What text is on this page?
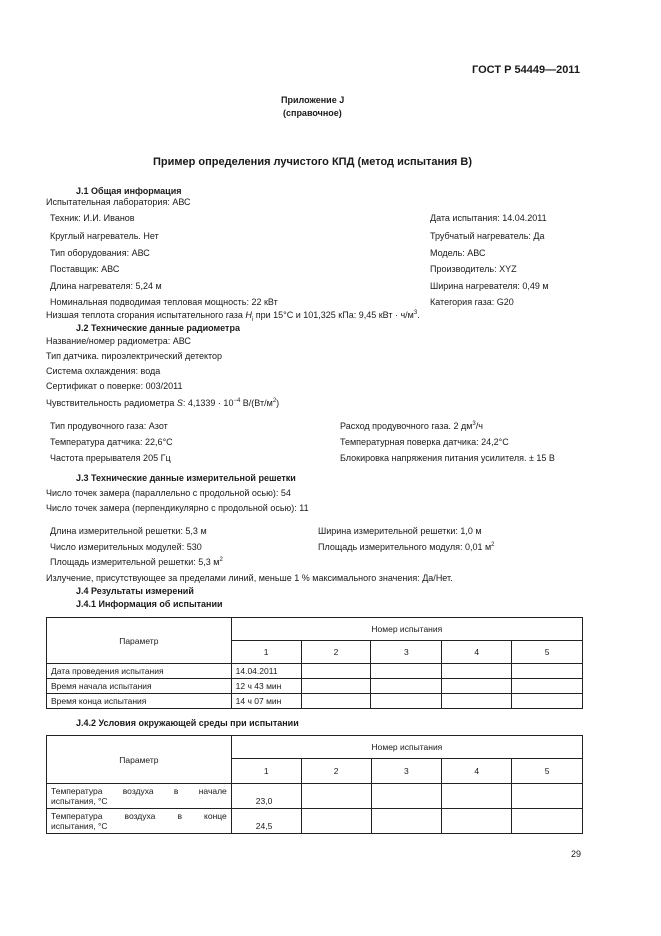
ГОСТ Р 54449—2011
Приложение J
(справочное)
Пример определения лучистого КПД (метод испытания В)
J.1 Общая информация
Испытательная лаборатория: АВС
Техник: И.И. Иванов	Дата испытания: 14.04.2011
Круглый нагреватель. Нет	Трубчатый нагреватель: Да
Тип оборудования: АВС	Модель: АВС
Поставщик: АВС	Производитель: XYZ
Длина нагревателя: 5,24 м	Ширина нагревателя: 0,49 м
Номинальная подводимая тепловая мощность: 22 кВт	Категория газа: G20
Низшая теплота сгорания испытательного газа $H_i$ при 15°С и 101,325 кПа: 9,45 кВт · $ч/м^3$.
J.2 Технические данные радиометра
Название/номер радиометра: АВС
Тип датчика. пироэлектрический детектор
Система охлаждения: вода
Сертификат о поверке: 003/2011
Чувствительность радиометра S: $4,1339 \cdot 10^{-4}$ $В/(Вт/м^2)$
Тип продувочного газа: Азот	Расход продувочного газа. 2 $дм^3/ч$
Температура датчика: 22,6°С	Температурная поверка датчика: 24,2°С
Частота прерывателя 205 Гц	Блокировка напряжения питания усилителя. ± 15 В
J.3 Технические данные измерительной решетки
Число точек замера (параллельно с продольной осью): 54
Число точек замера (перпендикулярно с продольной осью): 11
Длина измерительной решетки: 5,3 м	Ширина измерительной решетки: 1,0 м
Число измерительных модулей: 530	Площадь измерительного модуля: 0,01 $м^2$
Площадь измерительной решетки: 5,3 $м^2$
Излучение, присутствующее за пределами линий, меньше 1 % максимального значения: Да/Нет.
J.4 Результаты измерений
J.4.1 Информация об испытании
Параметр	Номер испытания				
	1	2	3	4	5
Дата проведения испытания	14.04.2011				
Время начала испытания	12 ч 43 мин				
Время конца испытания	14 ч 07 мин				
J.4.2 Условия окружающей среды при испытании
Параметр	Номер испытания				
	1	2	3	4	5

Температура воздуха в начале
испытания, °С	23,0				

Температура воздуха в конце
испытания, °С	24,5				
29
